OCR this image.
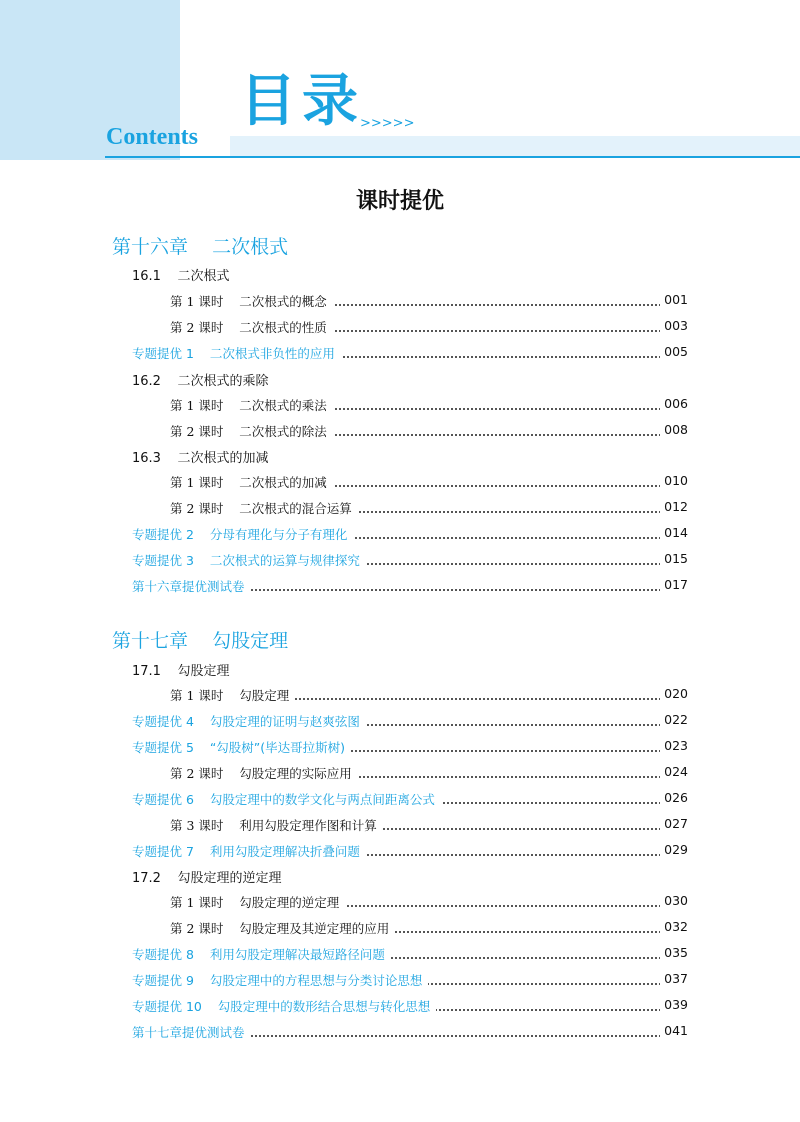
目录
>>>>>
Contents
课时提优
第十六章    二次根式
16.1    二次根式
第 1 课时    二次根式的概念	001
第 2 课时    二次根式的性质	003
专题提优 1    二次根式非负性的应用	005
16.2    二次根式的乘除
第 1 课时    二次根式的乘法	006
第 2 课时    二次根式的除法	008
16.3    二次根式的加减
第 1 课时    二次根式的加减	010
第 2 课时    二次根式的混合运算	012
专题提优 2    分母有理化与分子有理化	014
专题提优 3    二次根式的运算与规律探究	015
第十六章提优测试卷	017
第十七章    勾股定理
17.1    勾股定理
第 1 课时    勾股定理	020
专题提优 4    勾股定理的证明与赵爽弦图	022
专题提优 5    “勾股树”(毕达哥拉斯树)	023
第 2 课时    勾股定理的实际应用	024
专题提优 6    勾股定理中的数学文化与两点间距离公式	026
第 3 课时    利用勾股定理作图和计算	027
专题提优 7    利用勾股定理解决折叠问题	029
17.2    勾股定理的逆定理
第 1 课时    勾股定理的逆定理	030
第 2 课时    勾股定理及其逆定理的应用	032
专题提优 8    利用勾股定理解决最短路径问题	035
专题提优 9    勾股定理中的方程思想与分类讨论思想	037
专题提优 10    勾股定理中的数形结合思想与转化思想	039
第十七章提优测试卷	041
